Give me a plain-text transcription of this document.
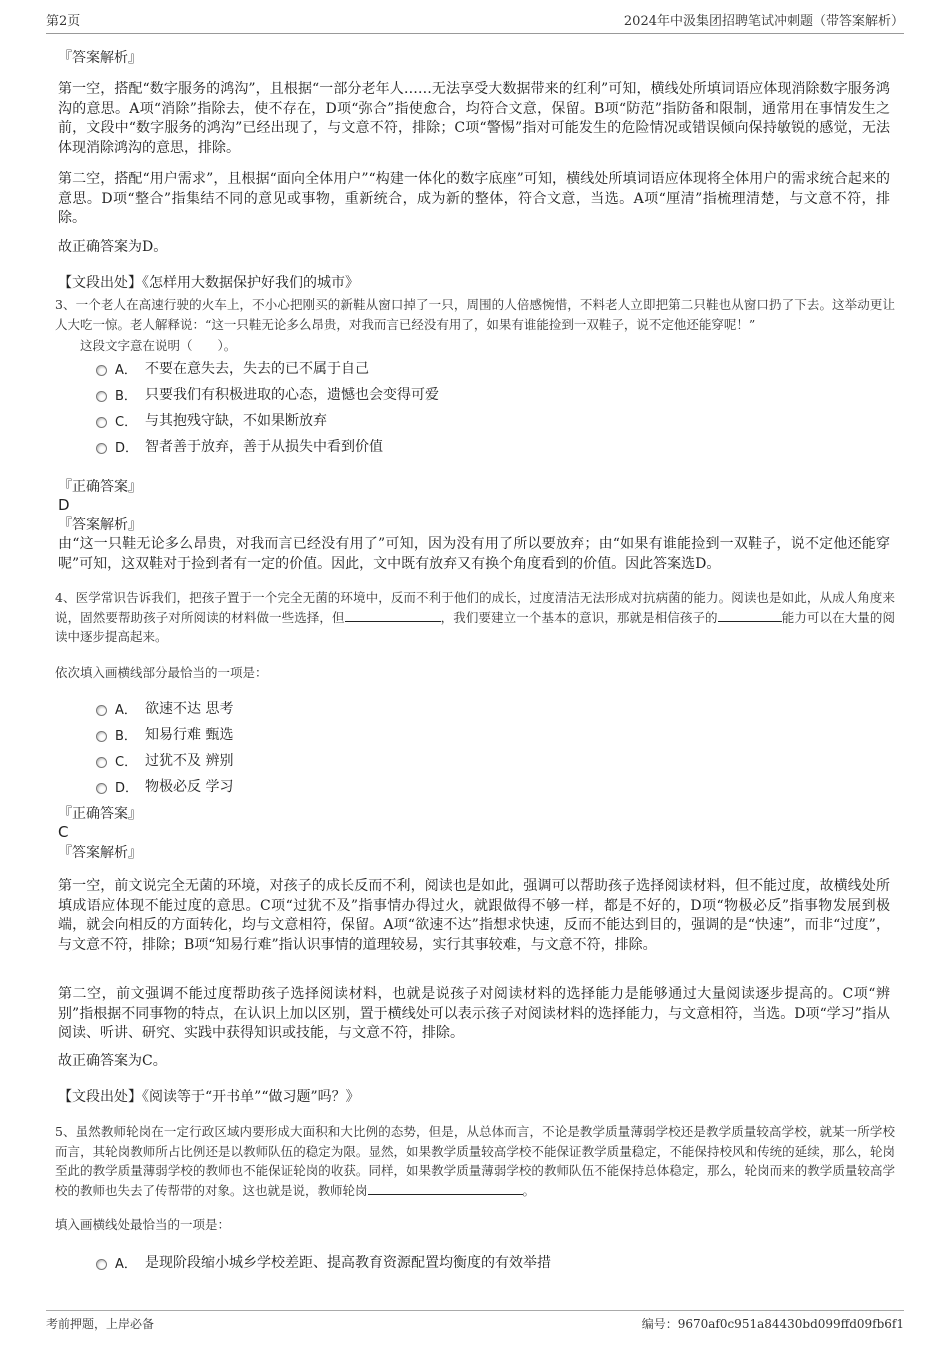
第2页	2024年中汲集团招聘笔试冲刺题（带答案解析）
『答案解析』
第一空，搭配“数字服务的鸿沟”，且根据“一部分老年人……无法享受大数据带来的红利”可知，横线处所填词语应体现消除数字服务鸿沟的意思。A项“消除”指除去，使不存在，D项“弥合”指使愈合，均符合文意，保留。B项“防范”指防备和限制，通常用在事情发生之前，文段中“数字服务的鸿沟”已经出现了，与文意不符，排除；C项“警惕”指对可能发生的危险情况或错误倾向保持敏锐的感觉，无法体现消除鸿沟的意思，排除。
第二空，搭配“用户需求”，且根据“面向全体用户”“构建一体化的数字底座”可知，横线处所填词语应体现将全体用户的需求统合起来的意思。D项“整合”指集结不同的意见或事物，重新统合，成为新的整体，符合文意，当选。A项“厘清”指梳理清楚，与文意不符，排除。
故正确答案为D。
【文段出处】《怎样用大数据保护好我们的城市》
3、一个老人在高速行驶的火车上，不小心把刚买的新鞋从窗口掉了一只，周围的人倍感惋惜，不料老人立即把第二只鞋也从窗口扔了下去。这举动更让人大吃一惊。老人解释说：“这一只鞋无论多么昂贵，对我而言已经没有用了，如果有谁能捡到一双鞋子，说不定他还能穿呢！”
这段文字意在说明（　　）。
A． 不要在意失去，失去的已不属于自己
B． 只要我们有积极进取的心态，遗憾也会变得可爱
C． 与其抱残守缺，不如果断放弃
D． 智者善于放弃，善于从损失中看到价值
『正确答案』
D
『答案解析』
由“这一只鞋无论多么昂贵，对我而言已经没有用了”可知，因为没有用了所以要放弃；由“如果有谁能捡到一双鞋子，说不定他还能穿呢”可知，这双鞋对于捡到者有一定的价值。因此，文中既有放弃又有换个角度看到的价值。因此答案选D。
4、医学常识告诉我们，把孩子置于一个完全无菌的环境中，反而不利于他们的成长，过度清洁无法形成对抗病菌的能力。阅读也是如此，从成人角度来说，固然要帮助孩子对所阅读的材料做一些选择，但	，我们要建立一个基本的意识，那就是相信孩子的	能力可以在大量的阅读中逐步提高起来。
依次填入画横线部分最恰当的一项是：
A． 欲速不达 思考
B． 知易行难 甄选
C． 过犹不及 辨别
D． 物极必反 学习
『正确答案』
C
『答案解析』
第一空，前文说完全无菌的环境，对孩子的成长反而不利，阅读也是如此，强调可以帮助孩子选择阅读材料，但不能过度，故横线处所填成语应体现不能过度的意思。C项“过犹不及”指事情办得过火，就跟做得不够一样，都是不好的，D项“物极必反”指事物发展到极端，就会向相反的方面转化，均与文意相符，保留。A项“欲速不达”指想求快速，反而不能达到目的，强调的是“快速”，而非“过度”，与文意不符，排除；B项“知易行难”指认识事情的道理较易，实行其事较难，与文意不符，排除。
第二空，前文强调不能过度帮助孩子选择阅读材料，也就是说孩子对阅读材料的选择能力是能够通过大量阅读逐步提高的。C项“辨别”指根据不同事物的特点，在认识上加以区别，置于横线处可以表示孩子对阅读材料的选择能力，与文意相符，当选。D项“学习”指从阅读、听讲、研究、实践中获得知识或技能，与文意不符，排除。
故正确答案为C。
【文段出处】《阅读等于“开书单”“做习题”吗？》
5、虽然教师轮岗在一定行政区域内要形成大面积和大比例的态势，但是，从总体而言，不论是教学质量薄弱学校还是教学质量较高学校，就某一所学校而言，其轮岗教师所占比例还是以教师队伍的稳定为限。显然，如果教学质量较高学校不能保证教学质量稳定，不能保持校风和传统的延续，那么，轮岗至此的教学质量薄弱学校的教师也不能保证轮岗的收获。同样，如果教学质量薄弱学校的教师队伍不能保持总体稳定，那么，轮岗而来的教学质量较高学校的教师也失去了传帮带的对象。这也就是说，教师轮岗	。
填入画横线处最恰当的一项是：
A． 是现阶段缩小城乡学校差距、提高教育资源配置均衡度的有效举措
考前押题，上岸必备	编号：9670af0c951a84430bd099ffd09fb6f1
